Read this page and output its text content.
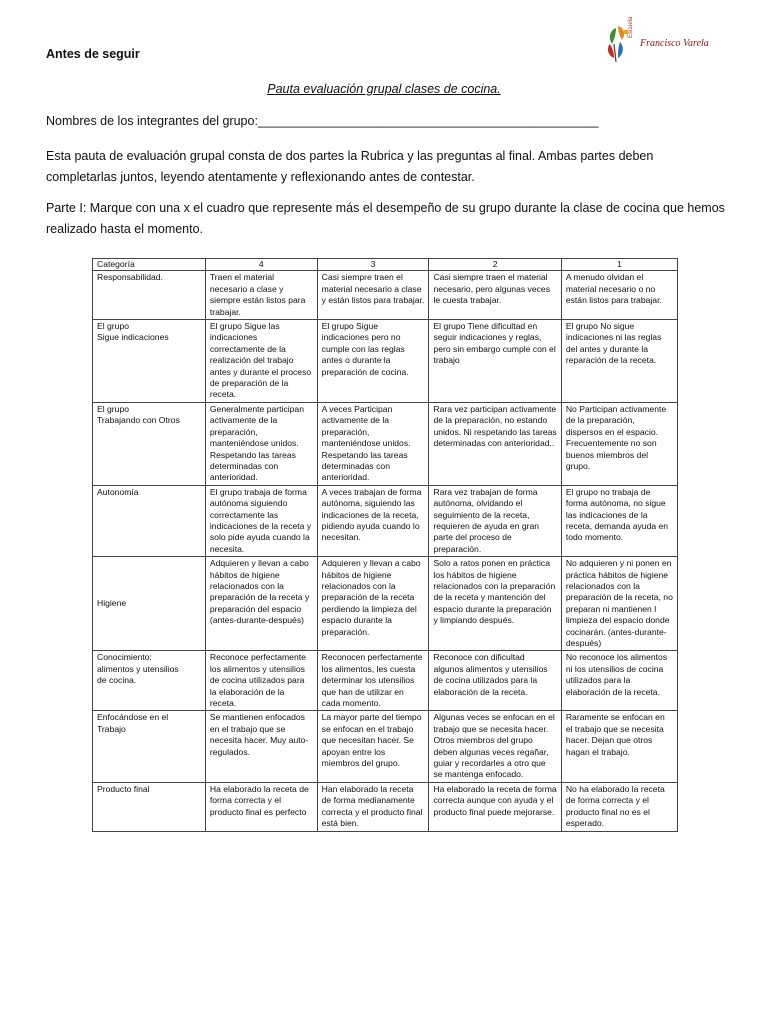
Escuela
Francisco Varela
Antes de seguir
Pauta evaluación grupal clases de cocina.
Nombres de los integrantes del grupo:_________________________________________________
Esta pauta de evaluación grupal consta de dos partes la Rubrica y las preguntas al final. Ambas partes deben completarlas juntos, leyendo atentamente y reflexionando antes de contestar.
Parte I: Marque con una x el cuadro que represente más el desempeño de su grupo durante la clase de cocina que hemos realizado hasta el momento.
Categoría	4	3	2	1

Responsabilidad.	Traen el material necesario a clase y siempre están listos para trabajar.	Casi siempre traen el material necesario a clase y están listos para trabajar.	Casi siempre traen el material necesario, pero algunas veces le cuesta trabajar.	A menudo olvidan el material necesario o no están listos para trabajar.

El grupo
Sigue indicaciones	El grupo Sigue las indicaciones correctamente de la realización del trabajo antes y durante el proceso de preparación de la receta.	El grupo Sigue indicaciones pero no cumple con las reglas antes o durante la preparación de cocina.	El grupo Tiene dificultad en seguir indicaciones y reglas, pero sin embargo cumple con el trabajo	El grupo No sigue indicaciones ni las reglas del antes y durante la reparación de la receta.

El grupo
Trabajando con Otros	Generalmente participan activamente de la preparación, manteniéndose unidos. Respetando las tareas determinadas con anterioridad.	A veces Participan activamente de la preparación, manteniéndose unidos. Respetando las tareas determinadas con anterioridad.	Rara vez participan activamente de la preparación, no estando unidos. Ni respetando las tareas determinadas con anterioridad..	No Participan activamente de la preparación, dispersos en el espacio. Frecuentemente no son buenos miembros del grupo.

Autonomía	El grupo trabaja de forma autónoma siguiendo correctamente las indicaciones de la receta y solo pide ayuda cuando la necesita.	A veces trabajan de forma autónoma, siguiendo las indicaciones de la receta, pidiendo ayuda cuando lo necesitan.	Rara vez trabajan de forma autónoma, olvidando el seguimiento de la receta, requieren de ayuda en gran parte del proceso de preparación.	El grupo no trabaja de forma autónoma, no sigue las indicaciones de la receta, demanda ayuda en todo momento.

Higiene	Adquieren y llevan a cabo hábitos de higiene relacionados con la preparación de la receta y preparación del espacio (antes-durante-después)	Adquieren y llevan a cabo hábitos de higiene relacionados con la preparación de la receta perdiendo la limpieza del espacio durante la preparación.	Solo a ratos ponen en práctica los hábitos de higiene relacionados con la preparación de la receta y mantención del espacio durante la preparación y limpiando después.	No adquieren y ni ponen en práctica hábitos de higiene relacionados con la preparación de la receta, no preparan ni mantienen l limpieza del espacio donde cocinarán. (antes-durante-después)

Conocimiento:
alimentos y utensilios
de cocina.	Reconoce perfectamente los alimentos y utensilios de cocina utilizados para la elaboración de la receta.	Reconocen perfectamente los alimentos, les cuesta determinar los utensilios que han de utilizar en cada momento.	Reconoce con dificultad algunos alimentos y utensilios de cocina utilizados para la elaboración de la receta.	No reconoce los alimentos ni los utensilios de cocina utilizados para la elaboración de la receta.

Enfocándose en el
Trabajo	Se mantienen enfocados en el trabajo que se necesita hacer. Muy auto-regulados.	La mayor parte del tiempo se enfocan en el trabajo que necesitan hacer. Se apoyan entre los miembros del grupo.	Algunas veces se enfocan en el trabajo que se necesita hacer. Otros miembros del grupo deben algunas veces regañar, guiar y recordarles a otro que se mantenga enfocado.	Raramente se enfocan en el trabajo que se necesita hacer. Dejan que otros hagan el trabajo.

Producto final	Ha elaborado la receta de forma correcta y el producto final es perfecto	Han elaborado la receta de forma medianamente correcta y el producto final está bien.	Ha elaborado la receta de forma correcta aunque con ayuda y el producto final puede mejorarse.	No ha elaborado la receta de forma correcta y el producto final no es el esperado.
